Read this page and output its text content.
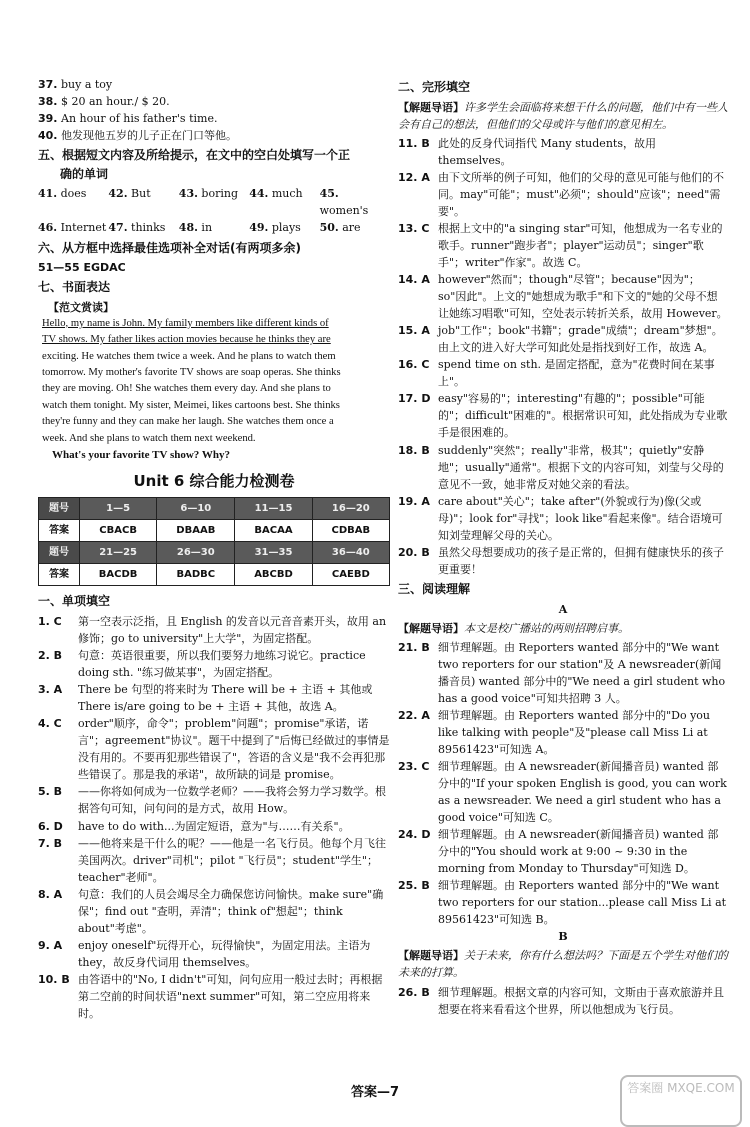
37. buy a toy

38. $ 20 an hour./ $ 20.

39. An hour of his father's time.

40. 他发现他五岁的儿子正在门口等他。

五、根据短文内容及所给提示，在文中的空白处填写一个正

确的单词

41. does	42. But	43. boring	44. much	45. women's
46. Internet 47. thinks	48. in	49. plays	50. are

六、从方框中选择最佳选项补全对话(有两项多余)

51—55 EGDAC

七、书面表达

【范文赏读】

Hello, my name is John. My family members like different kinds of

TV shows. My father likes action movies because he thinks they are

exciting. He watches them twice a week. And he plans to watch them

tomorrow. My mother's favorite TV shows are soap operas. She thinks

they are moving. Oh! She watches them every day. And she plans to

watch them tonight. My sister, Meimei, likes cartoons best. She thinks

they're funny and they can make her laugh. She watches them once a

week. And she plans to watch them next weekend.

What's your favorite TV show? Why?

Unit 6 综合能力检测卷
题号	1—5	6—10	11—15	16—20
答案	CBACB	DBAAB	BACAA	CDBAB
题号	21—25	26—30	31—35	36—40
答案	BACDB	BADBC	ABCBD	CAEBD

一、单项填空

1. C	第一空表示泛指，且 English 的发音以元音音素开头，故用 an 修饰；go to university"上大学"，为固定搭配。
2. B	句意：英语很重要，所以我们要努力地练习说它。practice doing sth. "练习做某事"，为固定搭配。
3. A	There be 句型的将来时为 There will be + 主语 + 其他或 There is/are going to be + 主语 + 其他，故选 A。
4. C	order"顺序，命令"；problem"问题"；promise"承诺，诺言"；agreement"协议"。题干中提到了"后悔已经做过的事情是没有用的。不要再犯那些错误了"，答语的含义是"我不会再犯那些错误了。那是我的承诺"，故所缺的词是 promise。
5. B	——你将如何成为一位数学老师？——我将会努力学习数学。根据答句可知，问句问的是方式，故用 How。
6. D	have to do with...为固定短语，意为"与……有关系"。
7. B	——他将来是干什么的呢？——他是一名飞行员。他每个月飞往美国两次。driver"司机"；pilot "飞行员"；student"学生"；teacher"老师"。
8. A	句意：我们的人员会竭尽全力确保您访问愉快。make sure"确保"；find out "查明，弄清"；think of"想起"；think about"考虑"。
9. A	enjoy oneself"玩得开心，玩得愉快"，为固定用法。主语为 they，故反身代词用 themselves。
10. B 由答语中的"No, I didn't"可知，问句应用一般过去时；再根据第二空前的时间状语"next summer"可知，第二空应用将来时。

二、完形填空

【解题导语】许多学生会面临将来想干什么的问题，他们中有一些人会有自己的想法，但他们的父母或许与他们的意见相左。

11. B 此处的反身代词指代 Many students，故用 themselves。
12. A 由下文所举的例子可知，他们的父母的意见可能与他们的不同。may"可能"；must"必须"；should"应该"；need"需要"。
13. C 根据上文中的"a singing star"可知，他想成为一名专业的歌手。runner"跑步者"；player"运动员"；singer"歌手"；writer"作家"。故选 C。
14. A however"然而"；though"尽管"；because"因为"；so"因此"。上文的"她想成为歌手"和下文的"她的父母不想让她练习唱歌"可知，空处表示转折关系，故用 However。
15. A job"工作"；book"书籍"；grade"成绩"；dream"梦想"。由上文的进入好大学可知此处是指找到好工作，故选 A。
16. C spend time on sth. 是固定搭配，意为"花费时间在某事上"。
17. D easy"容易的"；interesting"有趣的"；possible"可能的"；difficult"困难的"。根据常识可知，此处指成为专业歌手是很困难的。
18. B suddenly"突然"；really"非常，极其"；quietly"安静地"；usually"通常"。根据下文的内容可知，刘莹与父母的意见不一致，她非常反对她父亲的看法。
19. A care about"关心"；take after"(外貌或行为)像(父或母)"；look for"寻找"；look like"看起来像"。结合语境可知刘莹理解父母的关心。
20. B 虽然父母想要成功的孩子是正常的，但拥有健康快乐的孩子更重要！

三、阅读理解

A

【解题导语】本文是校广播站的两则招聘启事。

21. B 细节理解题。由 Reporters wanted 部分中的"We want two reporters for our station"及 A newsreader(新闻播音员) wanted 部分中的"We need a girl student who has a good voice"可知共招聘 3 人。
22. A 细节理解题。由 Reporters wanted 部分中的"Do you like talking with people"及"please call Miss Li at 89561423"可知选 A。
23. C 细节理解题。由 A newsreader(新闻播音员) wanted 部分中的"If your spoken English is good, you can work as a newsreader. We need a girl student who has a good voice"可知选 C。
24. D 细节理解题。由 A newsreader(新闻播音员) wanted 部分中的"You should work at 9:00 ~ 9:30 in the morning from Monday to Thursday"可知选 D。
25. B 细节理解题。由 Reporters wanted 部分中的"We want two reporters for our station...please call Miss Li at 89561423"可知选 B。

B

【解题导语】关于未来，你有什么想法吗？下面是五个学生对他们的未来的打算。

26. B 细节理解题。根据文章的内容可知，文斯由于喜欢旅游并且想要在将来看看这个世界，所以他想成为飞行员。
答案—7	答案圈 MXQE.COM
